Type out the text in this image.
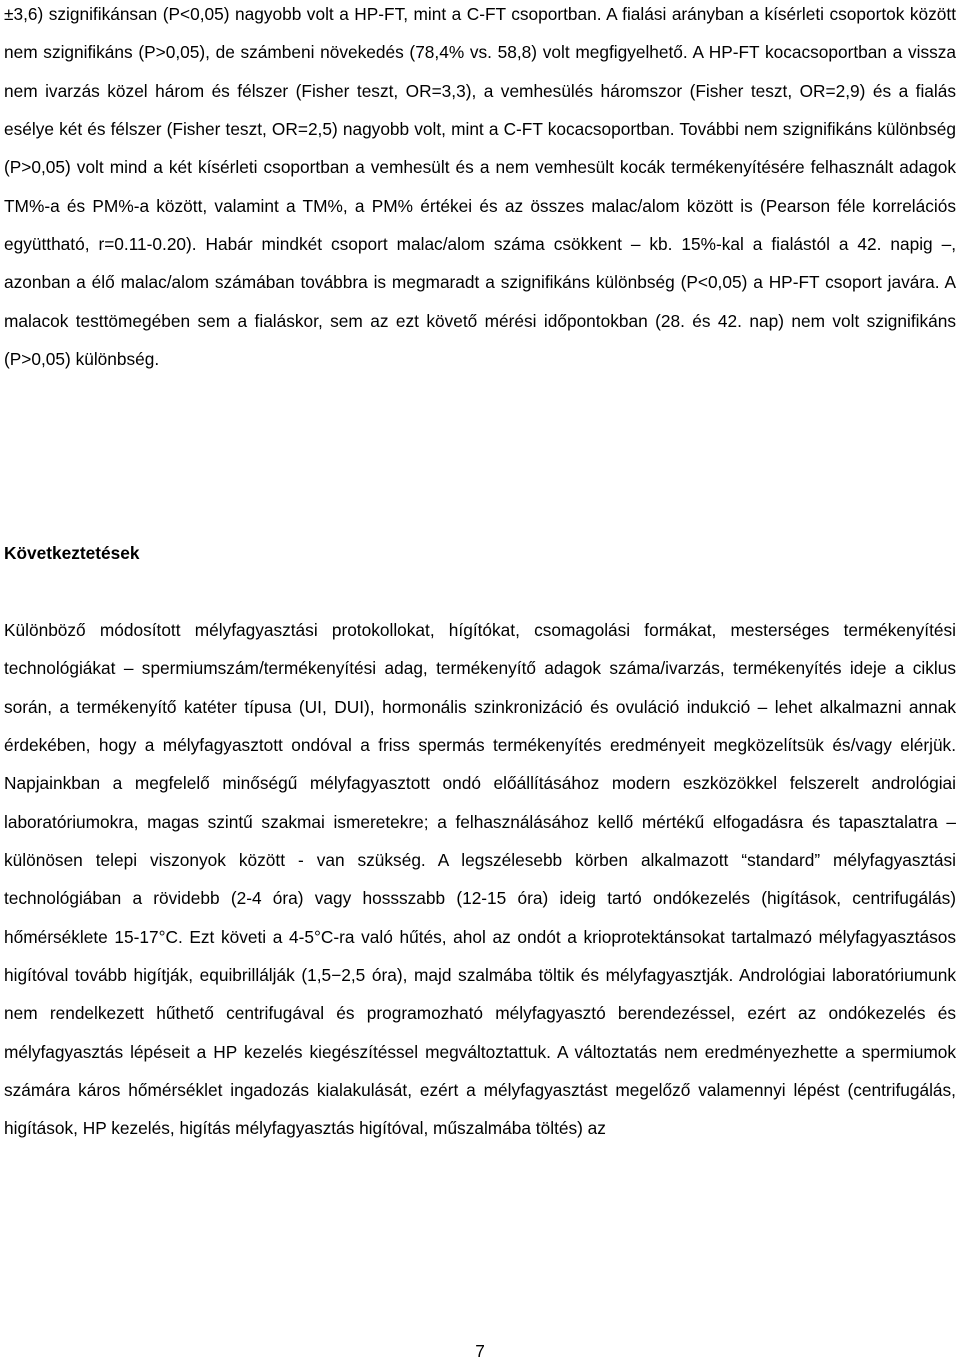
±3,6) szignifikánsan (P<0,05) nagyobb volt a HP-FT, mint a C-FT csoportban. A fialási arányban a kísérleti csoportok között nem szignifikáns (P>0,05), de számbeni növekedés (78,4% vs. 58,8) volt megfigyelhető. A HP-FT kocacsoportban a vissza nem ivarzás közel három és félszer (Fisher teszt, OR=3,3), a vemhesülés háromszor (Fisher teszt, OR=2,9) és a fialás esélye két és félszer (Fisher teszt, OR=2,5) nagyobb volt, mint a C-FT kocacsoportban. További nem szignifikáns különbség (P>0,05) volt mind a két kísérleti csoportban a vemhesült és a nem vemhesült kocák termékenyítésére felhasznált adagok TM%-a és PM%-a között, valamint a TM%, a PM% értékei és az összes malac/alom között is (Pearson féle korrelációs együttható, r=0.11-0.20). Habár mindkét csoport malac/alom száma csökkent – kb. 15%-kal a fialástól a 42. napig –, azonban a élő malac/alom számában továbbra is megmaradt a szignifikáns különbség (P<0,05) a HP-FT csoport javára. A malacok testtömegében sem a fialáskor, sem az ezt követő mérési időpontokban (28. és 42. nap) nem volt szignifikáns (P>0,05) különbség.

Következtetések

Különböző módosított mélyfagyasztási protokollokat, hígítókat, csomagolási formákat, mesterséges termékenyítési technológiákat – spermiumszám/termékenyítési adag, termékenyítő adagok száma/ivarzás, termékenyítés ideje a ciklus során, a termékenyítő katéter típusa (UI, DUI), hormonális szinkronizáció és ovuláció indukció – lehet alkalmazni annak érdekében, hogy a mélyfagyasztott ondóval a friss spermás termékenyítés eredményeit megközelítsük és/vagy elérjük. Napjainkban a megfelelő minőségű mélyfagyasztott ondó előállításához modern eszközökkel felszerelt andrológiai laboratóriumokra, magas szintű szakmai ismeretekre; a felhasználásához kellő mértékű elfogadásra és tapasztalatra – különösen telepi viszonyok között - van szükség. A legszélesebb körben alkalmazott “standard” mélyfagyasztási technológiában a rövidebb (2-4 óra) vagy hossszabb (12-15 óra) ideig tartó ondókezelés (higítások, centrifugálás) hőmérséklete 15-17°C. Ezt követi a 4-5°C-ra való hűtés, ahol az ondót a krioprotektánsokat tartalmazó mélyfagyasztásos higítóval tovább higítják, equibrillálják (1,5−2,5 óra), majd szalmába töltik és mélyfagyasztják. Andrológiai laboratóriumunk nem rendelkezett hűthető centrifugával és programozható mélyfagyasztó berendezéssel, ezért az ondókezelés és mélyfagyasztás lépéseit a HP kezelés kiegészítéssel megváltoztattuk. A változtatás nem eredményezhette a spermiumok számára káros hőmérséklet ingadozás kialakulását, ezért a mélyfagyasztást megelőző valamennyi lépést (centrifugálás, higítások, HP kezelés, higítás mélyfagyasztás higítóval, műszalmába töltés) az

7
